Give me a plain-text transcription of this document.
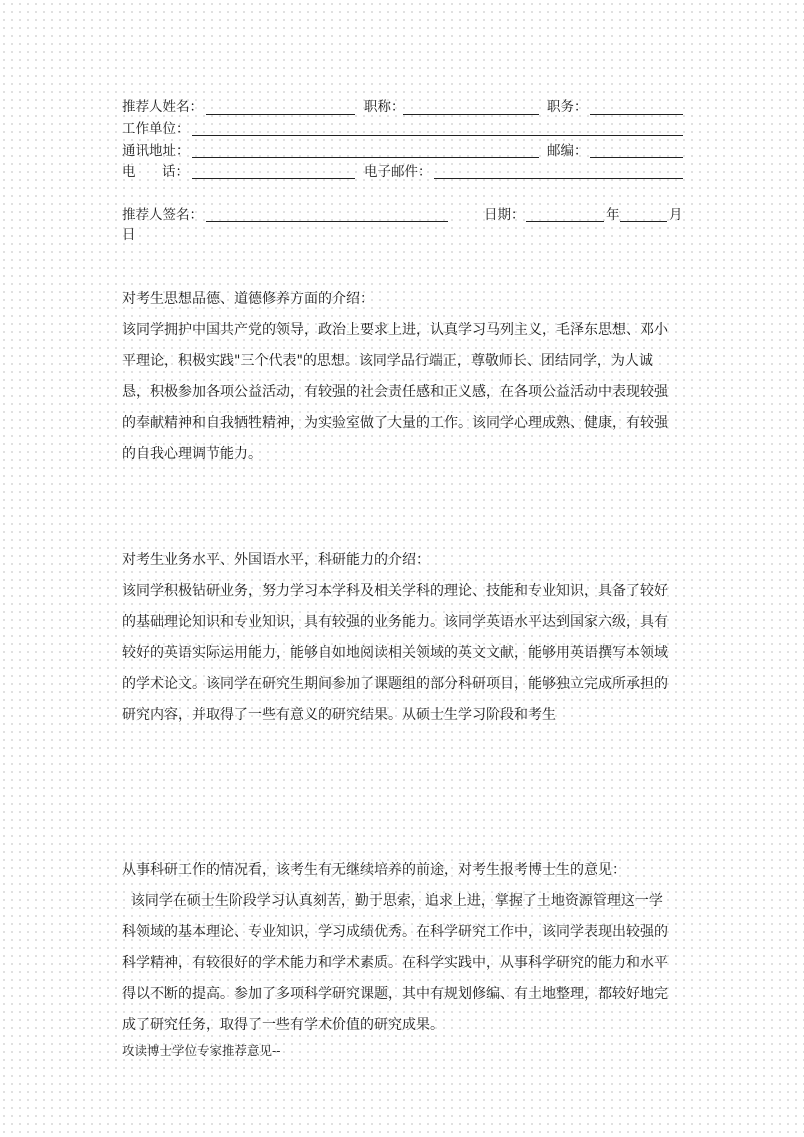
推荐人姓名：	职称：	职务：
工作单位：
通讯地址：	邮编：
电 话：	电子邮件：
推荐人签名：	日期：	年	月
日
对考生思想品德、道德修养方面的介绍：
该同学拥护中国共产党的领导，政治上要求上进，认真学习马列主义，毛泽东思想、邓小
平理论，积极实践"三个代表"的思想。该同学品行端正，尊敬师长、团结同学，为人诚
恳，积极参加各项公益活动，有较强的社会责任感和正义感，在各项公益活动中表现较强
的奉献精神和自我牺牲精神，为实验室做了大量的工作。该同学心理成熟、健康，有较强
的自我心理调节能力。
对考生业务水平、外国语水平，科研能力的介绍：
该同学积极钻研业务，努力学习本学科及相关学科的理论、技能和专业知识，具备了较好
的基础理论知识和专业知识，具有较强的业务能力。该同学英语水平达到国家六级，具有
较好的英语实际运用能力，能够自如地阅读相关领域的英文文献，能够用英语撰写本领域
的学术论文。该同学在研究生期间参加了课题组的部分科研项目，能够独立完成所承担的
研究内容，并取得了一些有意义的研究结果。从硕士生学习阶段和考生
从事科研工作的情况看，该考生有无继续培养的前途，对考生报考博士生的意见：
该同学在硕士生阶段学习认真刻苦，勤于思索，追求上进，掌握了土地资源管理这一学
科领域的基本理论、专业知识，学习成绩优秀。在科学研究工作中，该同学表现出较强的
科学精神，有较很好的学术能力和学术素质。在科学实践中，从事科学研究的能力和水平
得以不断的提高。参加了多项科学研究课题，其中有规划修编、有土地整理，都较好地完
成了研究任务，取得了一些有学术价值的研究成果。
攻读博士学位专家推荐意见--
